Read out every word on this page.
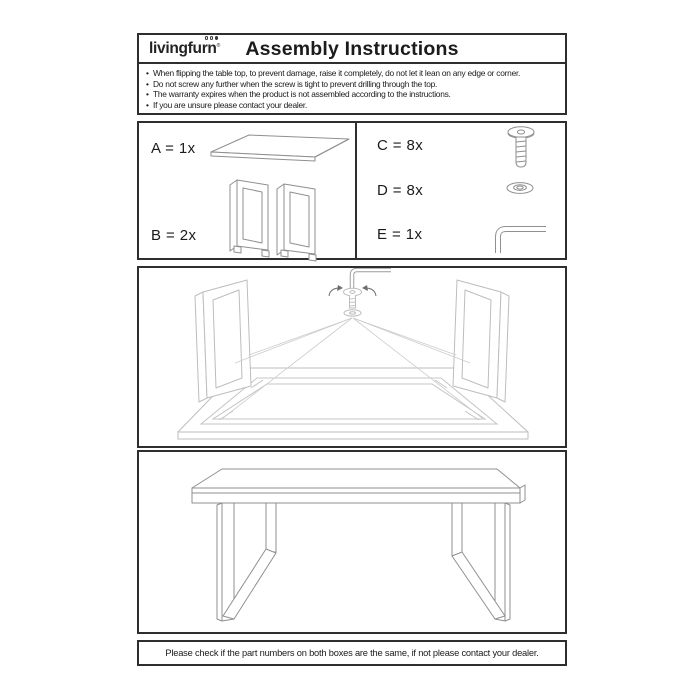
livingfurn® Assembly Instructions
• When flipping the table top, to prevent damage, raise it completely, do not let it lean on any edge or corner.
• Do not screw any further when the screw is tight to prevent drilling through the top.
• The warranty expires when the product is not assembled according to the instructions.
• If you are unsure please contact your dealer.
A = 1x
B = 2x
C = 8x
D = 8x
E = 1x
Please check if the part numbers on both boxes are the same, if not please contact your dealer.
